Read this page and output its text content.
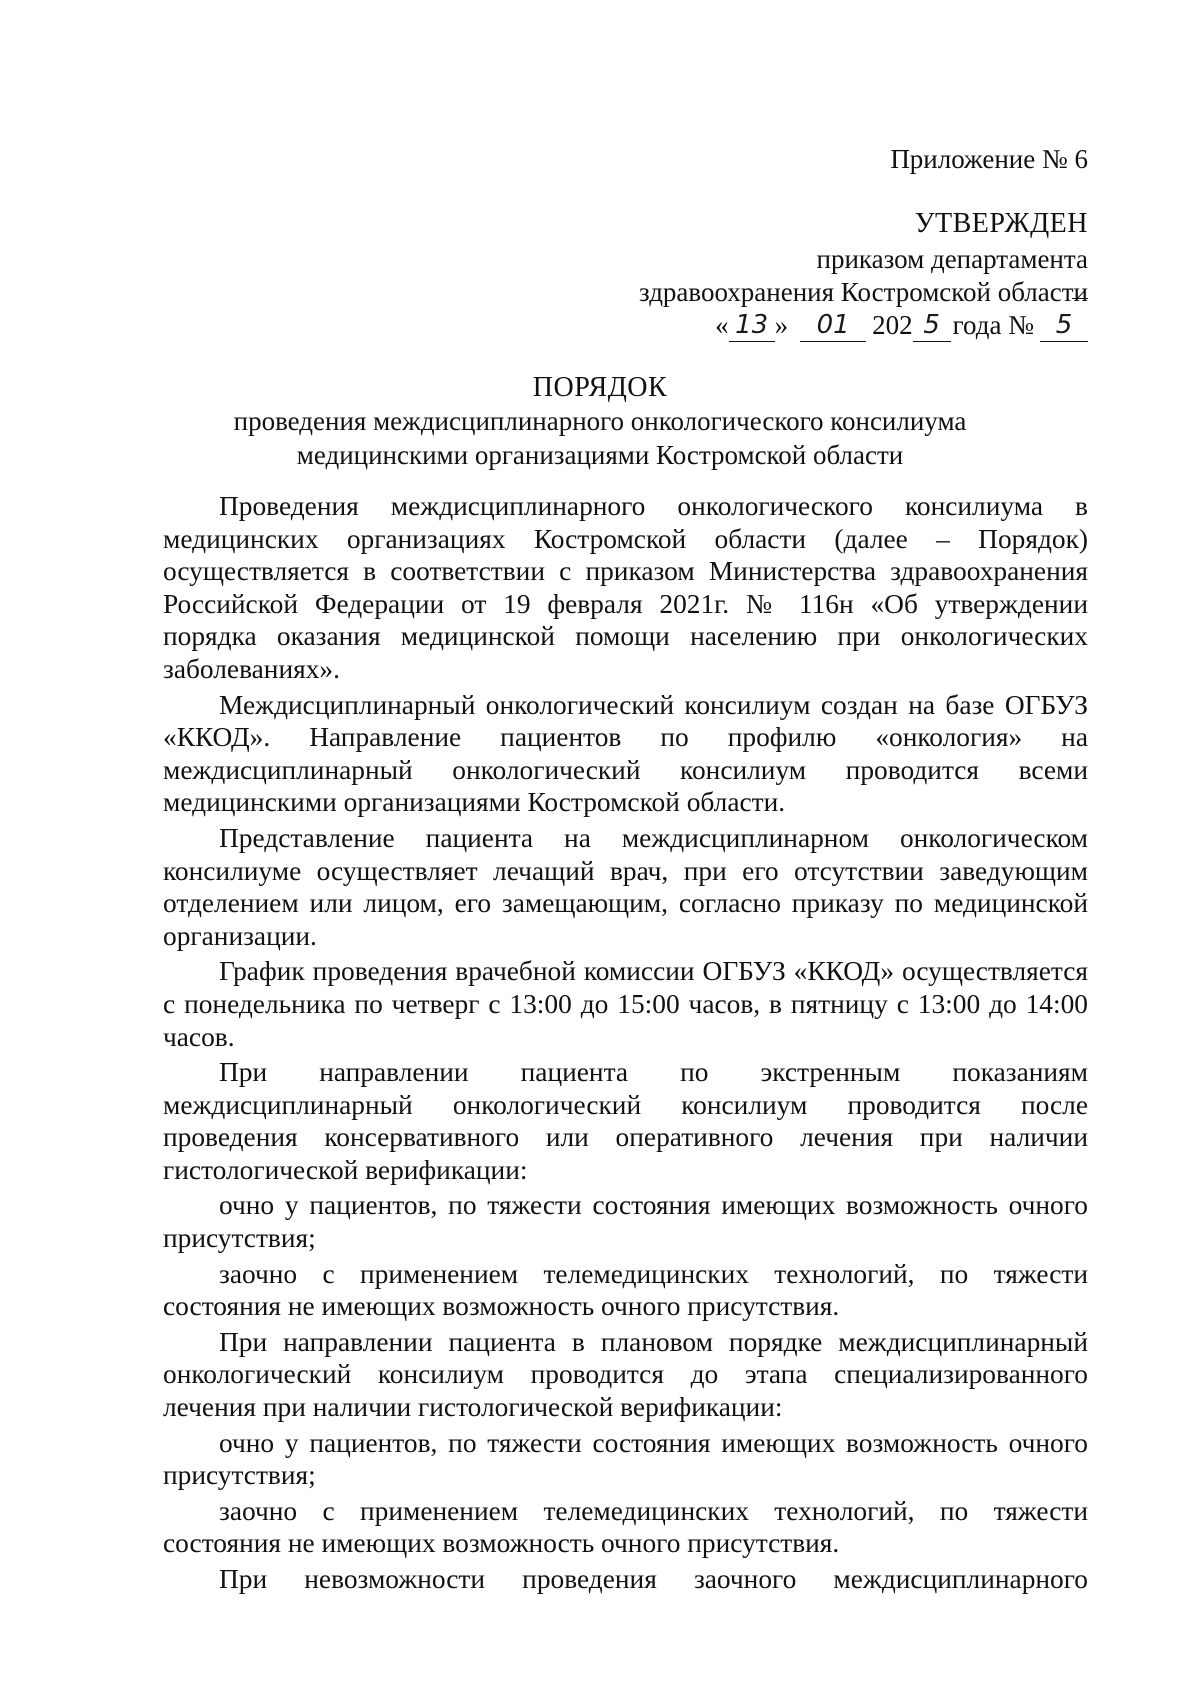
Приложение № 6
УТВЕРЖДЕН
приказом департамента
здравоохранения Костромской области
« 13 »	01 202 5 года № 5
ПОРЯДОК
проведения междисциплинарного онкологического консилиума
медицинскими организациями Костромской области

Проведения междисциплинарного онкологического консилиума в медицинских организациях Костромской области (далее – Порядок) осуществляется в соответствии с приказом Министерства здравоохранения Российской Федерации от 19 февраля 2021г. № 116н «Об утверждении порядка оказания медицинской помощи населению при онкологических заболеваниях».

Междисциплинарный онкологический консилиум создан на базе ОГБУЗ «ККОД». Направление пациентов по профилю «онкология» на междисциплинарный онкологический консилиум проводится всеми медицинскими организациями Костромской области.

Представление пациента на междисциплинарном онкологическом консилиуме осуществляет лечащий врач, при его отсутствии заведующим отделением или лицом, его замещающим, согласно приказу по медицинской организации.

График проведения врачебной комиссии ОГБУЗ «ККОД» осуществляется с понедельника по четверг с 13:00 до 15:00 часов, в пятницу с 13:00 до 14:00 часов.

При направлении пациента по экстренным показаниям междисциплинарный онкологический консилиум проводится после проведения консервативного или оперативного лечения при наличии гистологической верификации:

очно у пациентов, по тяжести состояния имеющих возможность очного присутствия;

заочно с применением телемедицинских технологий, по тяжести состояния не имеющих возможность очного присутствия.

При направлении пациента в плановом порядке междисциплинарный онкологический консилиум проводится до этапа специализированного лечения при наличии гистологической верификации:

очно у пациентов, по тяжести состояния имеющих возможность очного присутствия;

заочно с применением телемедицинских технологий, по тяжести состояния не имеющих возможность очного присутствия.

При невозможности проведения заочного междисциплинарного
